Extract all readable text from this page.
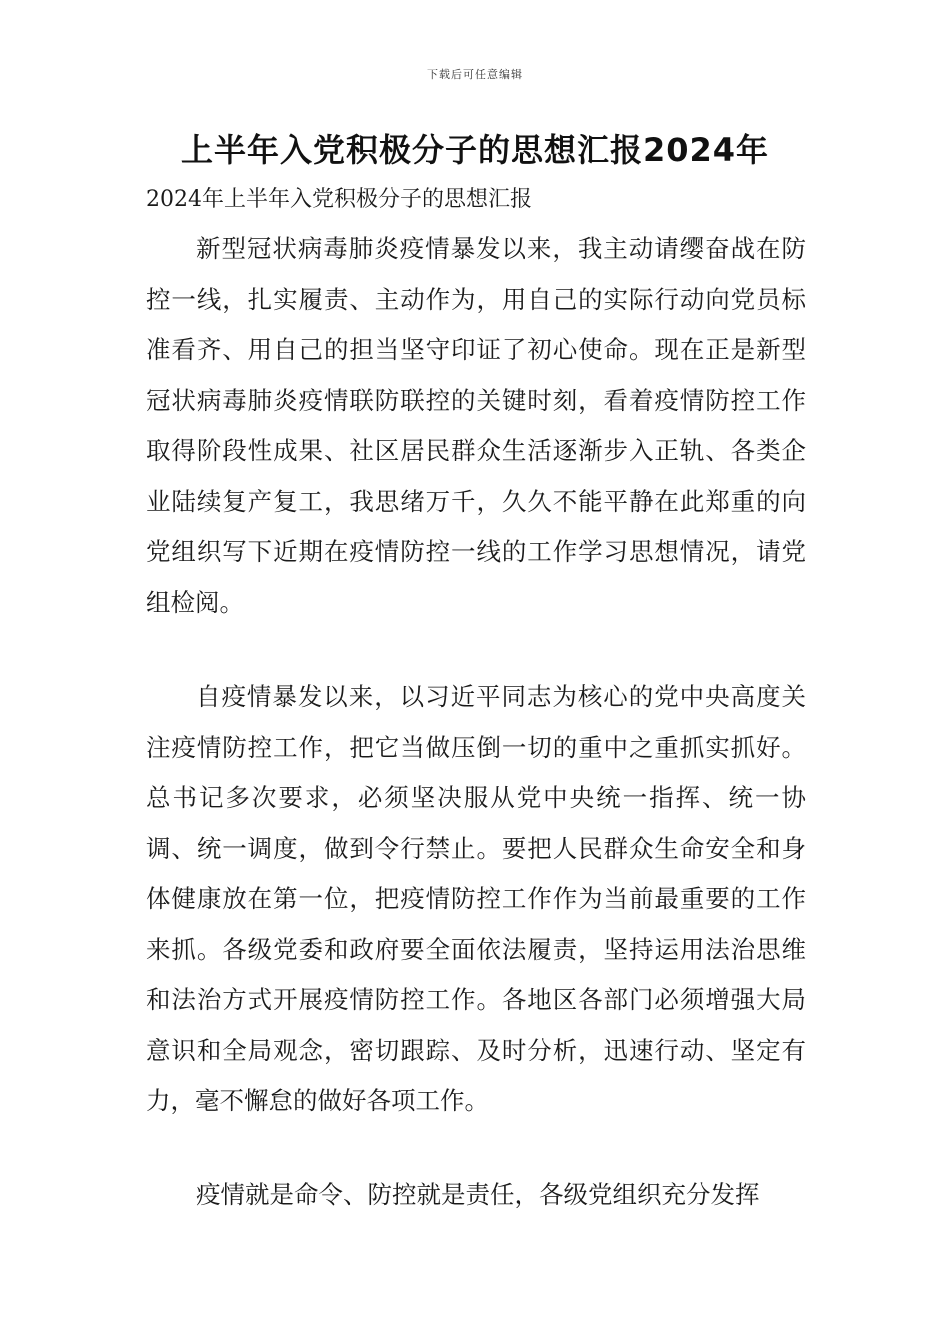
下载后可任意编辑
上半年入党积极分子的思想汇报2024年
2024年上半年入党积极分子的思想汇报

新型冠状病毒肺炎疫情暴发以来，我主动请缨奋战在防控一线，扎实履责、主动作为，用自己的实际行动向党员标准看齐、用自己的担当坚守印证了初心使命。现在正是新型冠状病毒肺炎疫情联防联控的关键时刻，看着疫情防控工作取得阶段性成果、社区居民群众生活逐渐步入正轨、各类企业陆续复产复工，我思绪万千，久久不能平静在此郑重的向党组织写下近期在疫情防控一线的工作学习思想情况，请党组检阅。

自疫情暴发以来，以习近平同志为核心的党中央高度关注疫情防控工作，把它当做压倒一切的重中之重抓实抓好。总书记多次要求，必须坚决服从党中央统一指挥、统一协调、统一调度，做到令行禁止。要把人民群众生命安全和身体健康放在第一位，把疫情防控工作作为当前最重要的工作来抓。各级党委和政府要全面依法履责，坚持运用法治思维和法治方式开展疫情防控工作。各地区各部门必须增强大局意识和全局观念，密切跟踪、及时分析，迅速行动、坚定有力，毫不懈怠的做好各项工作。

疫情就是命令、防控就是责任，各级党组织充分发挥
